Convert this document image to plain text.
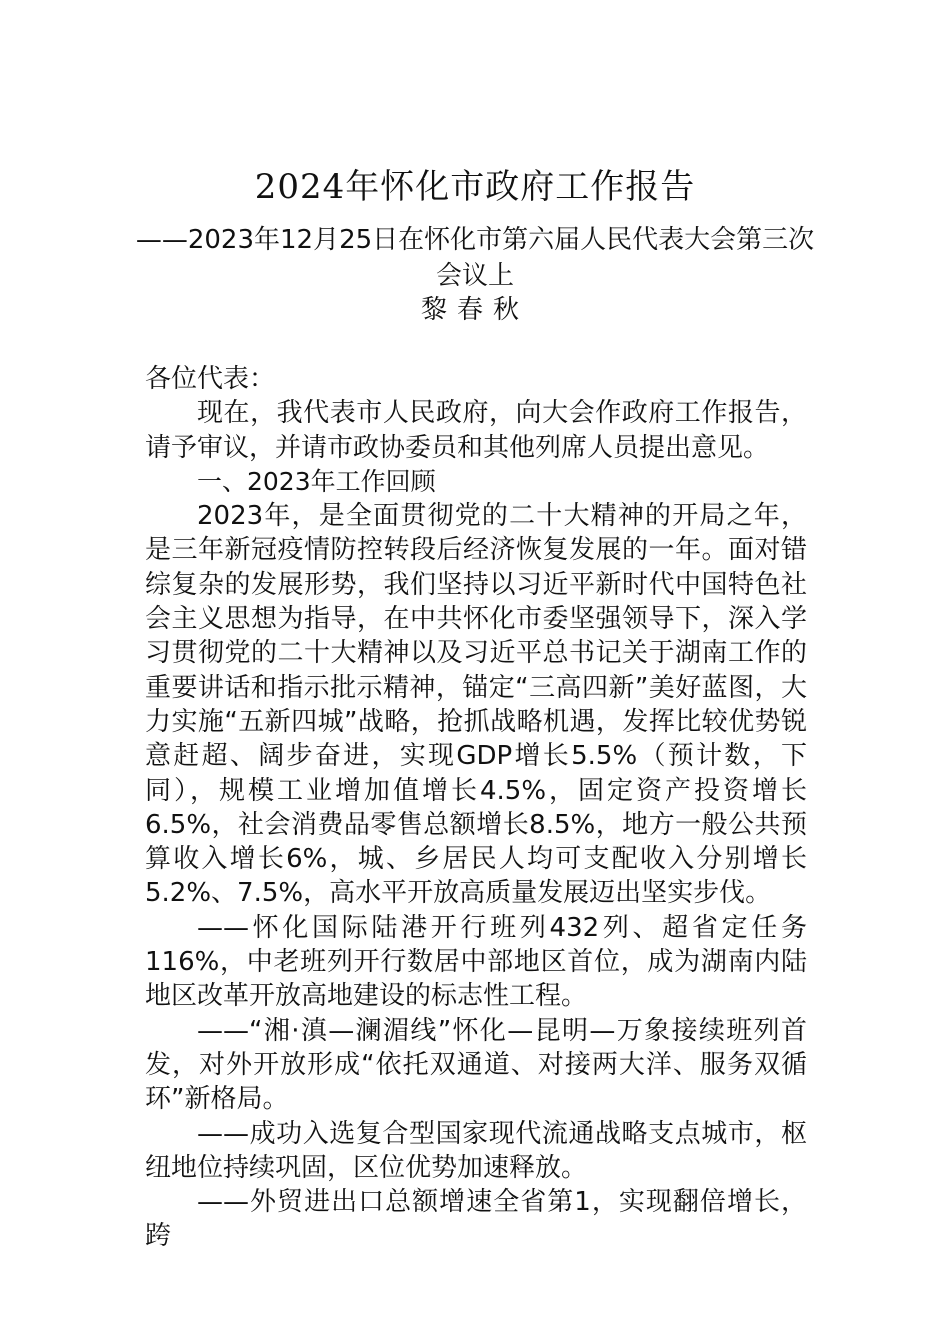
2024年怀化市政府工作报告
——2023年12月25日在怀化市第六届人民代表大会第三次会议上
黎春秋

各位代表：

现在，我代表市人民政府，向大会作政府工作报告，请予审议，并请市政协委员和其他列席人员提出意见。

一、2023年工作回顾

2023年，是全面贯彻党的二十大精神的开局之年，是三年新冠疫情防控转段后经济恢复发展的一年。面对错综复杂的发展形势，我们坚持以习近平新时代中国特色社会主义思想为指导，在中共怀化市委坚强领导下，深入学习贯彻党的二十大精神以及习近平总书记关于湖南工作的重要讲话和指示批示精神，锚定“三高四新”美好蓝图，大力实施“五新四城”战略，抢抓战略机遇，发挥比较优势锐意赶超、阔步奋进，实现GDP增长5.5%（预计数，下同），规模工业增加值增长4.5%，固定资产投资增长6.5%，社会消费品零售总额增长8.5%，地方一般公共预算收入增长6%，城、乡居民人均可支配收入分别增长5.2%、7.5%，高水平开放高质量发展迈出坚实步伐。

——怀化国际陆港开行班列432列、超省定任务116%，中老班列开行数居中部地区首位，成为湖南内陆地区改革开放高地建设的标志性工程。

——“湘·滇—澜湄线”怀化—昆明—万象接续班列首发，对外开放形成“依托双通道、对接两大洋、服务双循环”新格局。

——成功入选复合型国家现代流通战略支点城市，枢纽地位持续巩固，区位优势加速释放。

——外贸进出口总额增速全省第1，实现翻倍增长，跨
